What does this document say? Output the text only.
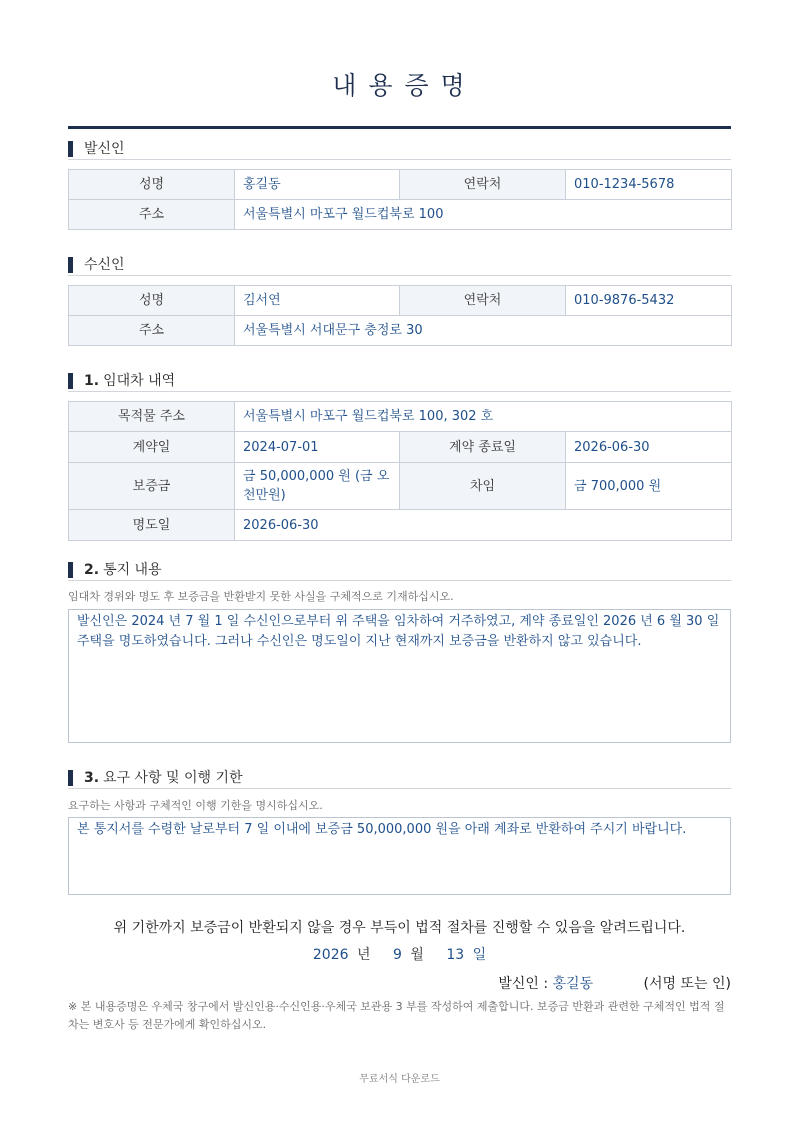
내 용 증 명
발신인
성명	홍길동	연락처	010-1234-5678
주소	서울특별시 마포구 월드컵북로 100		
수신인
성명	김서연	연락처	010-9876-5432
주소	서울특별시 서대문구 충정로 30		
1. 임대차 내역
목적물 주소	서울특별시 마포구 월드컵북로 100, 302 호		
계약일	2024-07-01	계약 종료일	2026-06-30
보증금	금 50,000,000 원 (금 오천만원)	차임	금 700,000 원
명도일	2026-06-30		
2. 통지 내용
임대차 경위와 명도 후 보증금을 반환받지 못한 사실을 구체적으로 기재하십시오.
발신인은 2024 년 7 월 1 일 수신인으로부터 위 주택을 임차하여 거주하였고, 계약 종료일인 2026 년 6 월 30 일 주택을 명도하였습니다. 그러나 수신인은 명도일이 지난 현재까지 보증금을 반환하지 않고 있습니다.
3. 요구 사항 및 이행 기한
요구하는 사항과 구체적인 이행 기한을 명시하십시오.
본 통지서를 수령한 날로부터 7 일 이내에 보증금 50,000,000 원을 아래 계좌로 반환하여 주시기 바랍니다.
위 기한까지 보증금이 반환되지 않을 경우 부득이 법적 절차를 진행할 수 있음을 알려드립니다.
2026 년 9 월 13 일
발신인 : 홍길동	(서명 또는 인)
※ 본 내용증명은 우체국 창구에서 발신인용·수신인용·우체국 보관용 3 부를 작성하여 제출합니다. 보증금 반환과 관련한 구체적인 법적 절차는 변호사 등 전문가에게 확인하십시오.
무료서식 다운로드
